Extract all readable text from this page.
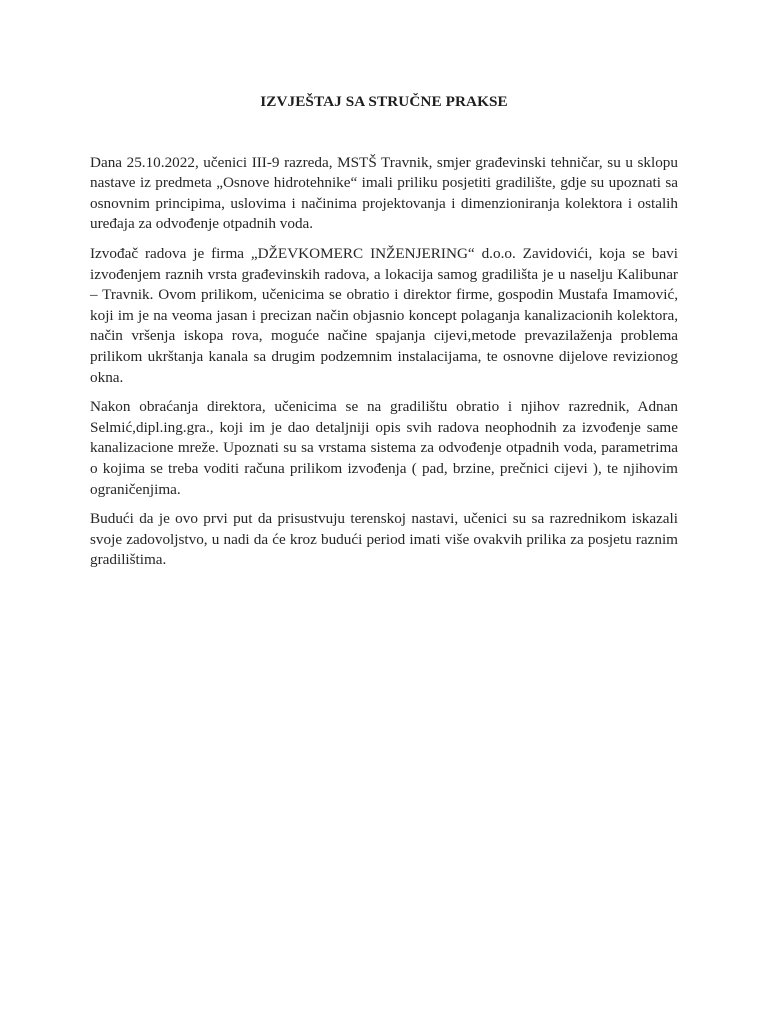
IZVJEŠTAJ SA STRUČNE PRAKSE

Dana 25.10.2022, učenici III-9 razreda, MSTŠ Travnik, smjer građevinski tehničar, su u sklopu nastave iz predmeta „Osnove hidrotehnike“ imali priliku posjetiti gradilište, gdje su upoznati sa osnovnim principima, uslovima i načinima projektovanja i dimenzioniranja kolektora i ostalih uređaja za odvođenje otpadnih voda.

Izvođač radova je firma „DŽEVKOMERC INŽENJERING“ d.o.o. Zavidovići, koja se bavi izvođenjem raznih vrsta građevinskih radova, a lokacija samog gradilišta je u naselju Kalibunar – Travnik. Ovom prilikom, učenicima se obratio i direktor firme, gospodin Mustafa Imamović, koji im je na veoma jasan i precizan način objasnio koncept polaganja kanalizacionih kolektora, način vršenja iskopa rova, moguće načine spajanja cijevi,metode prevazilaženja problema prilikom ukrštanja kanala sa drugim podzemnim instalacijama, te osnovne dijelove revizionog okna.

Nakon obraćanja direktora, učenicima se na gradilištu obratio i njihov razrednik, Adnan Selmić,dipl.ing.gra., koji im je dao detaljniji opis svih radova neophodnih za izvođenje same kanalizacione mreže. Upoznati su sa vrstama sistema za odvođenje otpadnih voda, parametrima o kojima se treba voditi računa prilikom izvođenja ( pad, brzine, prečnici cijevi ), te njihovim ograničenjima.

Budući da je ovo prvi put da prisustvuju terenskoj nastavi, učenici su sa razrednikom iskazali svoje zadovoljstvo, u nadi da će kroz budući period imati više ovakvih prilika za posjetu raznim gradilištima.
